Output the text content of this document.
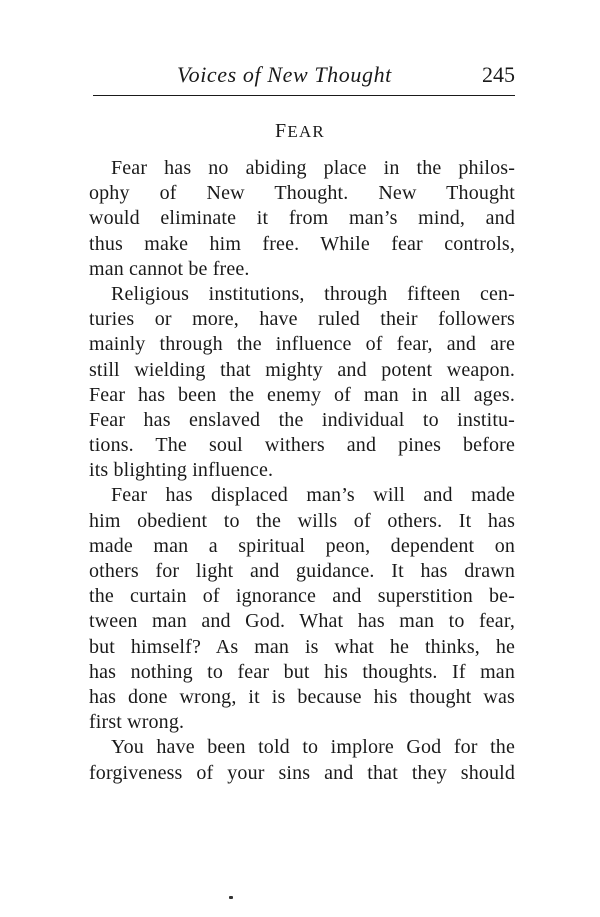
Voices of New Thought	245
FEAR
Fear has no abiding place in the philos-
ophy of New Thought. New Thought
would eliminate it from man’s mind, and
thus make him free. While fear controls,
man cannot be free.
Religious institutions, through fifteen cen-
turies or more, have ruled their followers
mainly through the influence of fear, and are
still wielding that mighty and potent weapon.
Fear has been the enemy of man in all ages.
Fear has enslaved the individual to institu-
tions. The soul withers and pines before
its blighting influence.
Fear has displaced man’s will and made
him obedient to the wills of others. It has
made man a spiritual peon, dependent on
others for light and guidance. It has drawn
the curtain of ignorance and superstition be-
tween man and God. What has man to fear,
but himself? As man is what he thinks, he
has nothing to fear but his thoughts. If man
has done wrong, it is because his thought was
first wrong.
You have been told to implore God for the
forgiveness of your sins and that they should
